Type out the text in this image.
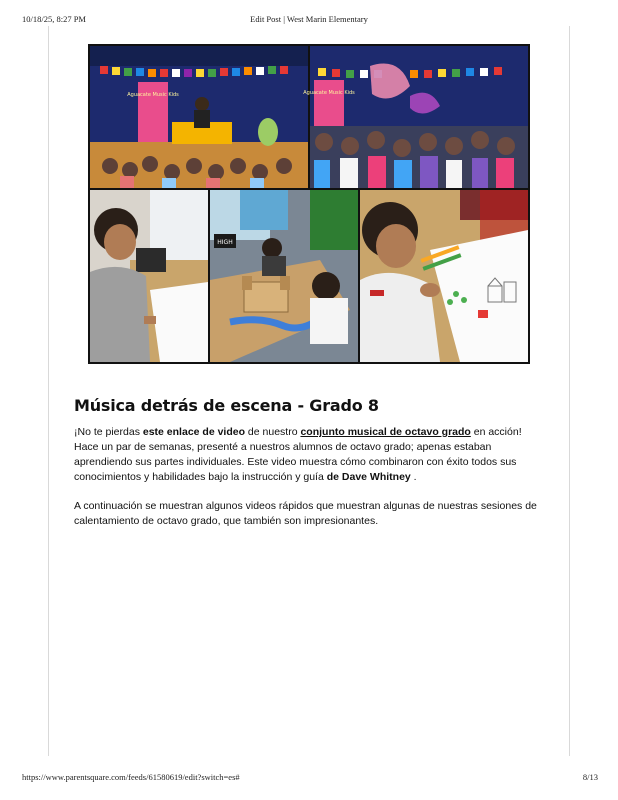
10/18/25, 8:27 PM	Edit Post | West Marin Elementary
Aguacate Music Kids	Aguacate Music Kids
HIGH
Música detrás de escena - Grado 8

¡No te pierdas este enlace de video de nuestro conjunto musical de octavo grado en acción! Hace un par de semanas, presenté a nuestros alumnos de octavo grado; apenas estaban aprendiendo sus partes individuales. Este video muestra cómo combinaron con éxito todos sus conocimientos y habilidades bajo la instrucción y guía de Dave Whitney .

A continuación se muestran algunos videos rápidos que muestran algunas de nuestras sesiones de calentamiento de octavo grado, que también son impresionantes.

https://www.parentsquare.com/feeds/61580619/edit?switch=es#	8/13
